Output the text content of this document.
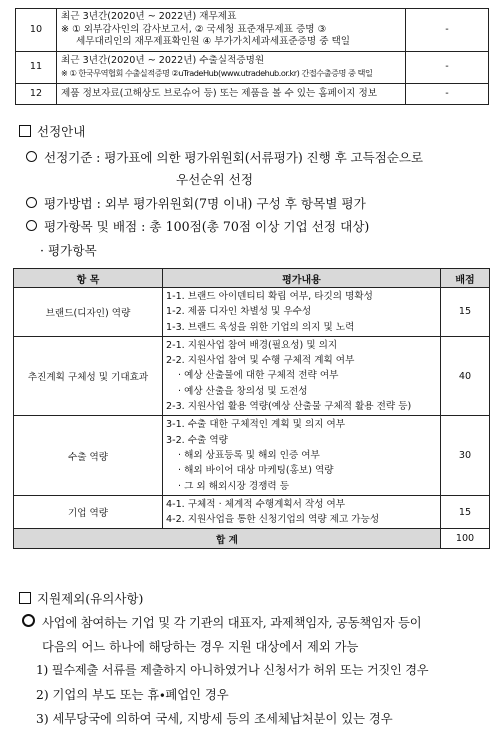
10	최근 3년간(2020년 ~ 2022년) 재무제표
※ ① 외부감사인의 감사보고서, ② 국세청 표준재무제표 증명 ③

세무대리인의 재무제표확인원 ④ 부가가치세과세표준증명 중 택일	-
11	최근 3년간(2020년 ~ 2022년) 수출실적증명원
※ ① 한국무역협회 수출실적증명 ②uTradeHub(www.utradehub.or.kr) 간접수출증명 중 택일	-
12	제품 정보자료(고해상도 브로슈어 등) 또는 제품을 볼 수 있는 홈페이지 정보	-
선정안내
선정기준 : 평가표에 의한 평가위원회(서류평가) 진행 후 고득점순으로
우선순위 선정
평가방법 : 외부 평가위원회(7명 이내) 구성 후 항목별 평가
평가항목 및 배점 : 총 100점(총 70점 이상 기업 선정 대상)
· 평가항목
항 목	평가내용	배점
브랜드(디자인) 역량	1-1. 브랜드 아이덴티티 확립 여부, 타깃의 명확성
1-2. 제품 디자인 차별성 및 우수성
1-3. 브랜드 육성을 위한 기업의 의지 및 노력	15
추진계획 구체성 및 기대효과	2-1. 지원사업 참여 배경(필요성) 및 의지
2-2. 지원사업 참여 및 수행 구체적 계획 여부
· 예상 산출물에 대한 구체적 전략 여부
· 예상 산출을 창의성 및 도전성
2-3. 지원사업 활용 역량(예상 산출물 구체적 활용 전략 등)	40
수출 역량	3-1. 수출 대한 구체적인 계획 및 의지 여부
3-2. 수출 역량
· 해외 상표등록 및 해외 인증 여부
· 해외 바이어 대상 마케팅(홍보) 역량
· 그 외 해외시장 경쟁력 등	30
기업 역량	4-1. 구체적 · 체계적 수행계획서 작성 여부
4-2. 지원사업을 통한 신청기업의 역량 제고 가능성	15
합 계		100
지원제외(유의사항)
사업에 참여하는 기업 및 각 기관의 대표자, 과제책임자, 공동책임자 등이
다음의 어느 하나에 해당하는 경우 지원 대상에서 제외 가능
1) 필수제출 서류를 제출하지 아니하였거나 신청서가 허위 또는 거짓인 경우
2) 기업의 부도 또는 휴∙폐업인 경우
3) 세무당국에 의하여 국세, 지방세 등의 조세체납처분이 있는 경우
